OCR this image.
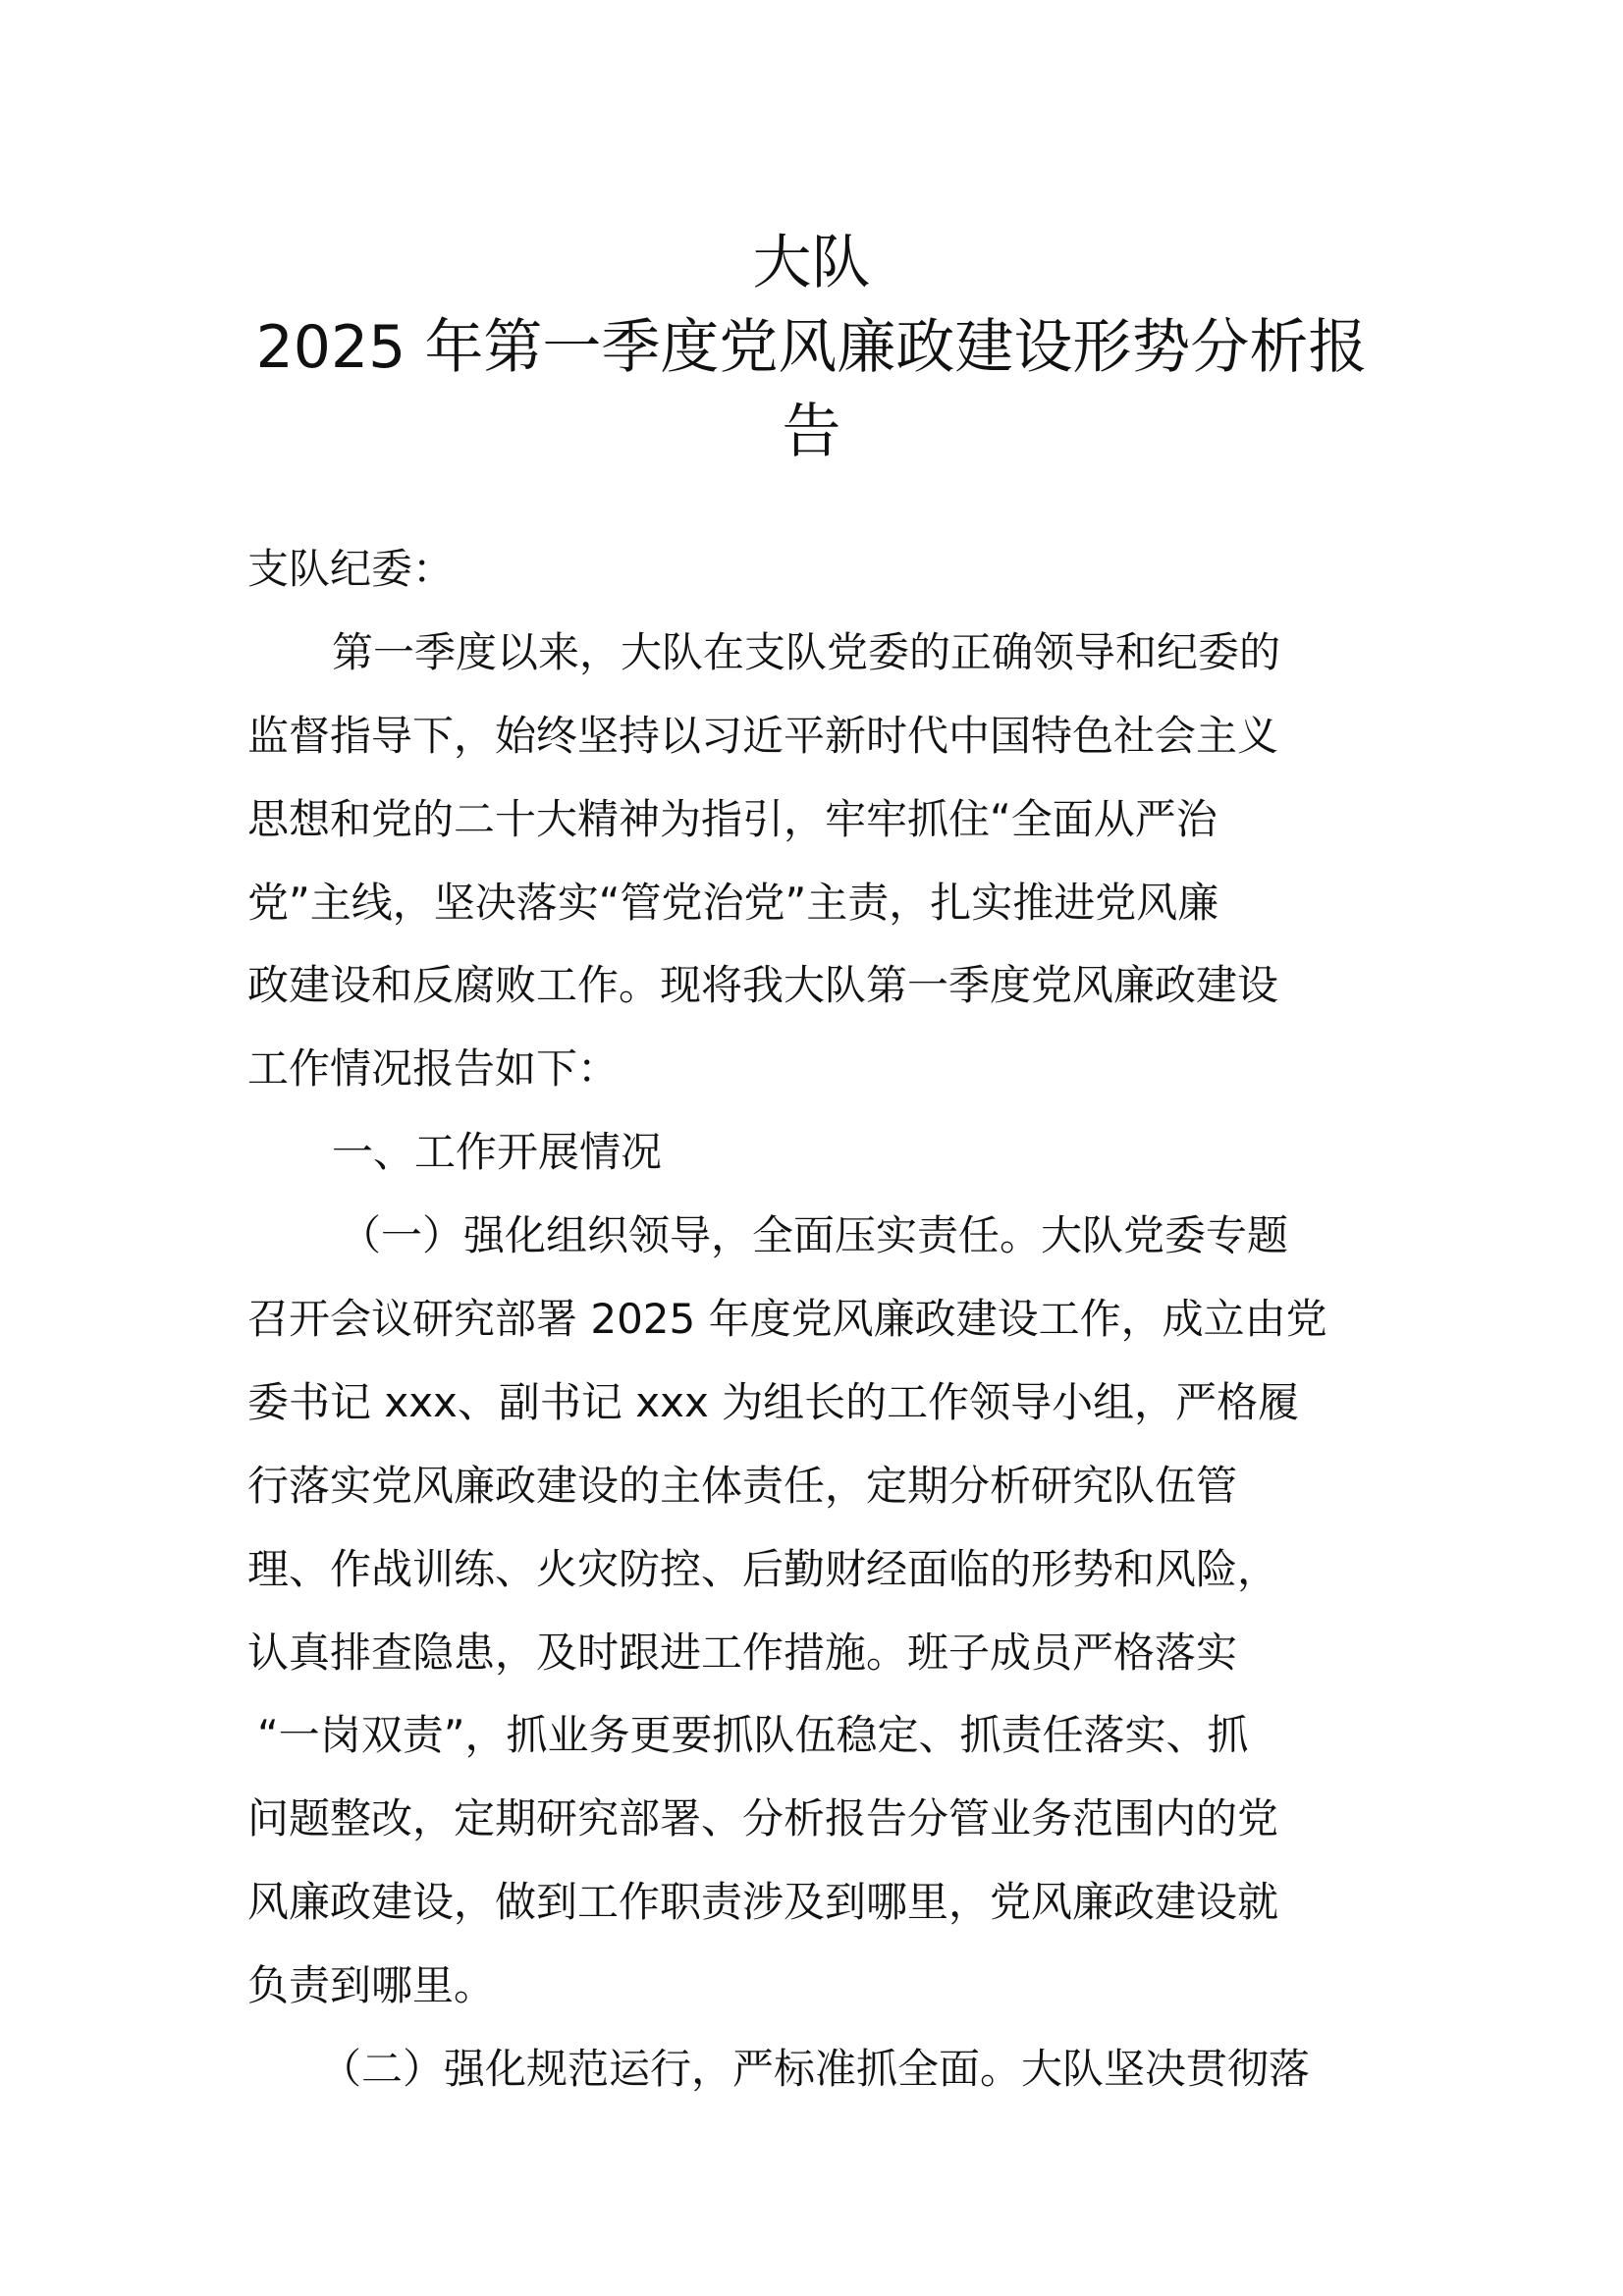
大队
2025 年第一季度党风廉政建设形势分析报
告
支队纪委：
第一季度以来，大队在支队党委的正确领导和纪委的
监督指导下，始终坚持以习近平新时代中国特色社会主义
思想和党的二十大精神为指引，牢牢抓住“全面从严治
党”主线，坚决落实“管党治党”主责，扎实推进党风廉
政建设和反腐败工作。现将我大队第一季度党风廉政建设
工作情况报告如下：
一、工作开展情况
（一）强化组织领导，全面压实责任。大队党委专题
召开会议研究部署 2025 年度党风廉政建设工作，成立由党
委书记 xxx、副书记 xxx 为组长的工作领导小组，严格履
行落实党风廉政建设的主体责任，定期分析研究队伍管
理、作战训练、火灾防控、后勤财经面临的形势和风险，
认真排查隐患，及时跟进工作措施。班子成员严格落实
“一岗双责”，抓业务更要抓队伍稳定、抓责任落实、抓
问题整改，定期研究部署、分析报告分管业务范围内的党
风廉政建设，做到工作职责涉及到哪里，党风廉政建设就
负责到哪里。
（二）强化规范运行，严标准抓全面。大队坚决贯彻落
